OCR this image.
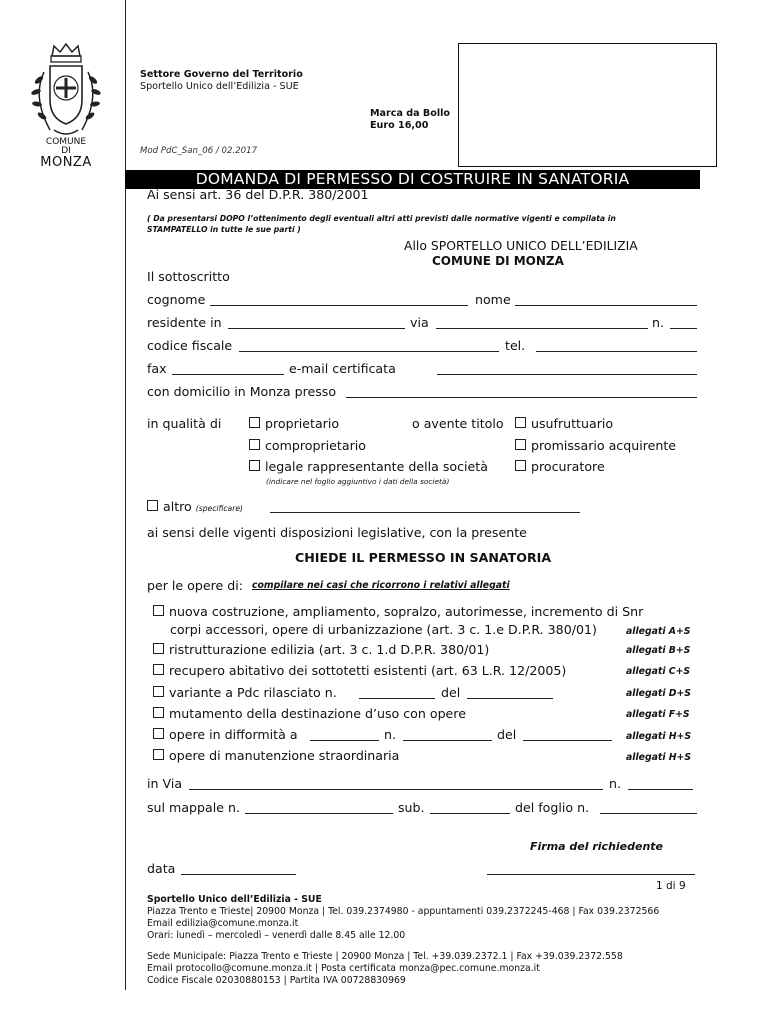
COMUNE DI
MONZA
Settore Governo del Territorio
Sportello Unico dell’Edilizia - SUE
Marca da Bollo
Euro 16,00
Mod PdC_San_06 / 02.2017
DOMANDA DI PERMESSO DI COSTRUIRE IN SANATORIA
Ai sensi art. 36 del D.P.R. 380/2001
( Da presentarsi DOPO l’ottenimento degli eventuali altri atti previsti dalle normative vigenti e compilata in
STAMPATELLO in tutte le sue parti )
Allo SPORTELLO UNICO DELL’EDILIZIA
COMUNE DI MONZA
Il sottoscritto
cognome	nome
residente in	via	n.
codice fiscale	tel.
fax	e-mail certificata
con domicilio in Monza presso
in qualità di	proprietario	o avente titolo	usufruttuario
comproprietario	promissario acquirente
legale rappresentante della società	procuratore
(indicare nel foglio aggiuntivo i dati della società)
altro (specificare)
ai sensi delle vigenti disposizioni legislative, con la presente
CHIEDE IL PERMESSO IN SANATORIA
per le opere di: compilare nei casi che ricorrono i relativi allegati
nuova costruzione, ampliamento, sopralzo, autorimesse, incremento di Snr
corpi accessori, opere di urbanizzazione (art. 3 c. 1.e D.P.R. 380/01)	allegati A+S
ristrutturazione edilizia (art. 3 c. 1.d D.P.R. 380/01)	allegati B+S
recupero abitativo dei sottotetti esistenti (art. 63 L.R. 12/2005)	allegati C+S
variante a Pdc rilasciato n.	del	allegati D+S
mutamento della destinazione d’uso con opere	allegati F+S
opere in difformità a	n.	del	allegati H+S
opere di manutenzione straordinaria	allegati H+S
in Via	n.
sul mappale n.	sub.	del foglio n.
Firma del richiedente
data
1 di 9
Sportello Unico dell’Edilizia - SUE
Piazza Trento e Trieste| 20900 Monza | Tel. 039.2374980 - appuntamenti 039.2372245-468 | Fax 039.2372566
Email edilizia@comune.monza.it
Orari: lunedì – mercoledì – venerdì dalle 8.45 alle 12.00
Sede Municipale: Piazza Trento e Trieste | 20900 Monza | Tel. +39.039.2372.1 | Fax +39.039.2372.558
Email protocollo@comune.monza.it | Posta certificata monza@pec.comune.monza.it
Codice Fiscale 02030880153 | Partita IVA 00728830969
